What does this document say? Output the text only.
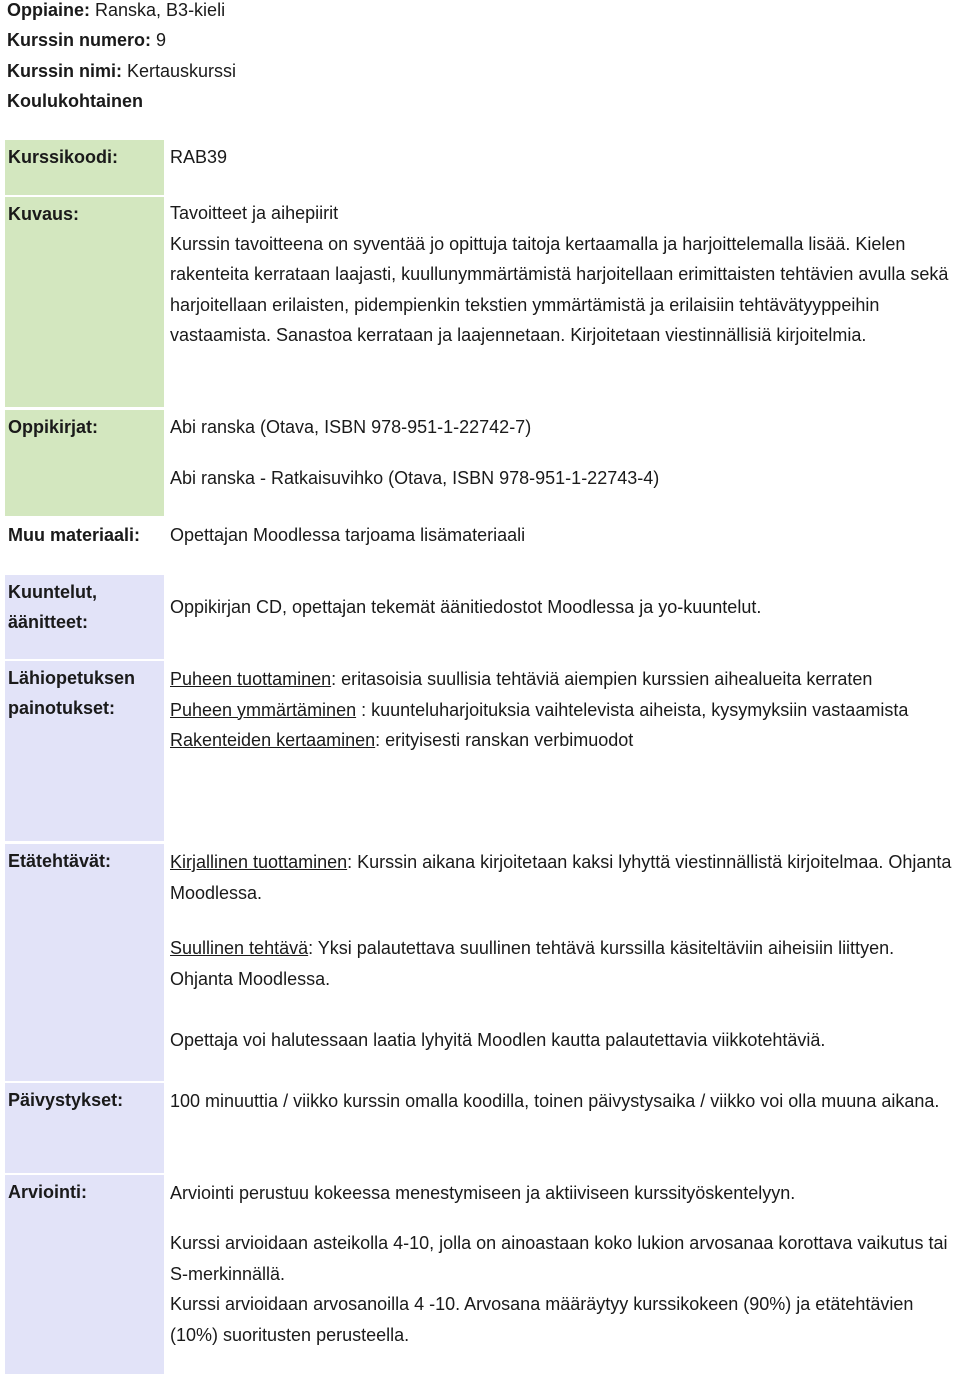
Oppiaine: Ranska, B3-kieli
Kurssin numero: 9
Kurssin nimi: Kertauskurssi
Koulukohtainen
Kurssikoodi:
Kuvaus:
Oppikirjat:
Muu materiaali:
Kuuntelut,
äänitteet:
Lähiopetuksen
painotukset:
Etätehtävät:
Päivystykset:
Arviointi:
RAB39
Tavoitteet ja aihepiirit
Kurssin tavoitteena on syventää jo opittuja taitoja kertaamalla ja harjoittelemalla lisää. Kielen rakenteita kerrataan laajasti, kuullunymmärtämistä harjoitellaan erimittaisten tehtävien avulla sekä harjoitellaan erilaisten, pidempienkin tekstien ymmärtämistä ja erilaisiin tehtävätyyppeihin vastaamista. Sanastoa kerrataan ja laajennetaan. Kirjoitetaan viestinnällisiä kirjoitelmia.
Abi ranska (Otava, ISBN 978-951-1-22742-7)
Abi ranska - Ratkaisuvihko (Otava, ISBN 978-951-1-22743-4)
Opettajan Moodlessa tarjoama lisämateriaali
Oppikirjan CD, opettajan tekemät äänitiedostot Moodlessa ja yo-kuuntelut.
Puheen tuottaminen: eritasoisia suullisia tehtäviä aiempien kurssien aihealueita kerraten
Puheen ymmärtäminen : kuunteluharjoituksia vaihtelevista aiheista, kysymyksiin vastaamista
Rakenteiden kertaaminen: erityisesti ranskan verbimuodot
Kirjallinen tuottaminen: Kurssin aikana kirjoitetaan kaksi lyhyttä viestinnällistä kirjoitelmaa. Ohjanta Moodlessa.
Suullinen tehtävä: Yksi palautettava suullinen tehtävä kurssilla käsiteltäviin aiheisiin liittyen. Ohjanta Moodlessa.
Opettaja voi halutessaan laatia lyhyitä Moodlen kautta palautettavia viikkotehtäviä.
100 minuuttia / viikko kurssin omalla koodilla, toinen päivystysaika / viikko voi olla muuna aikana.
Arviointi perustuu kokeessa menestymiseen ja aktiiviseen kurssityöskentelyyn.
Kurssi arvioidaan asteikolla 4-10, jolla on ainoastaan koko lukion arvosanaa korottava vaikutus tai S-merkinnällä.
Kurssi arvioidaan arvosanoilla 4 -10. Arvosana määräytyy kurssikokeen (90%) ja etätehtävien (10%) suoritusten perusteella.
